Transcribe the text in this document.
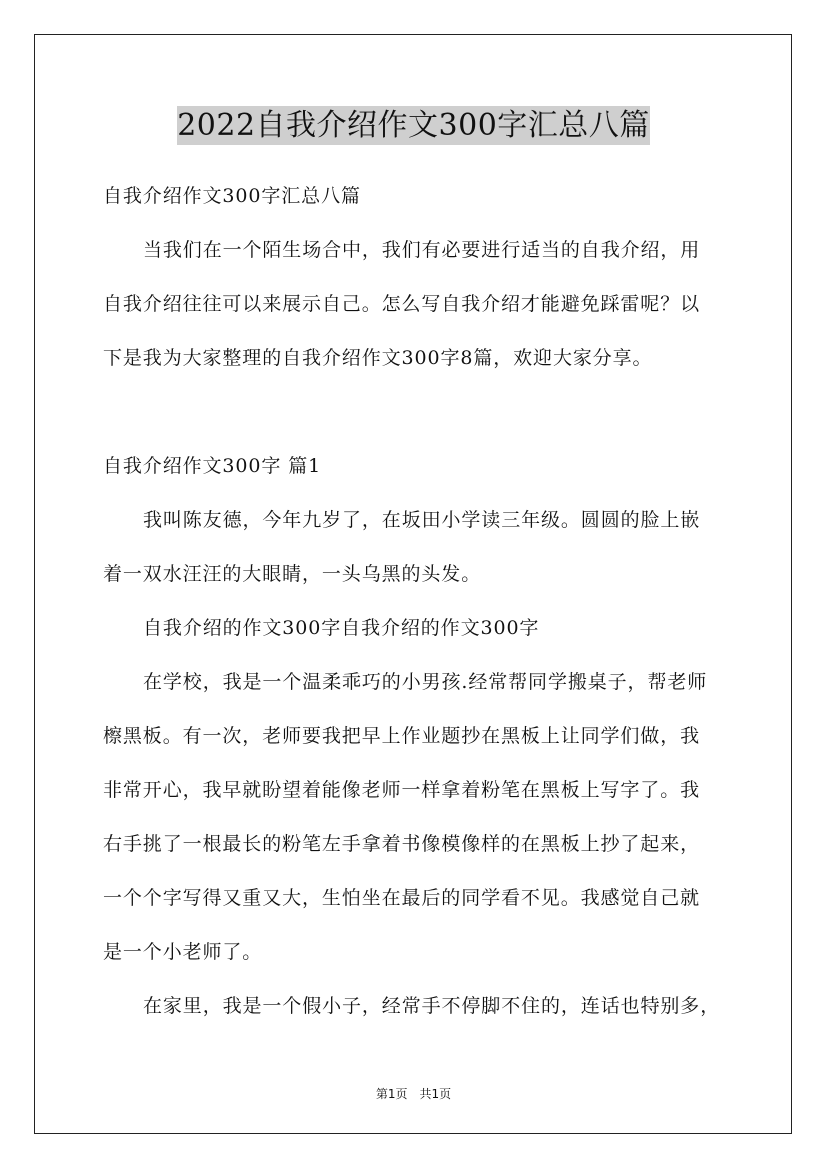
2022自我介绍作文300字汇总八篇
自我介绍作文300字汇总八篇
当我们在一个陌生场合中，我们有必要进行适当的自我介绍，用
自我介绍往往可以来展示自己。怎么写自我介绍才能避免踩雷呢？以
下是我为大家整理的自我介绍作文300字8篇，欢迎大家分享。
自我介绍作文300字 篇1
我叫陈友德，今年九岁了，在坂田小学读三年级。圆圆的脸上嵌
着一双水汪汪的大眼睛，一头乌黑的头发。
自我介绍的作文300字自我介绍的作文300字
在学校，我是一个温柔乖巧的小男孩.经常帮同学搬桌子，帮老师
檫黑板。有一次，老师要我把早上作业题抄在黑板上让同学们做，我
非常开心，我早就盼望着能像老师一样拿着粉笔在黑板上写字了。我
右手挑了一根最长的粉笔左手拿着书像模像样的在黑板上抄了起来，
一个个字写得又重又大，生怕坐在最后的同学看不见。我感觉自己就
是一个小老师了。
在家里，我是一个假小子，经常手不停脚不住的，连话也特别多，
第1页　共1页
